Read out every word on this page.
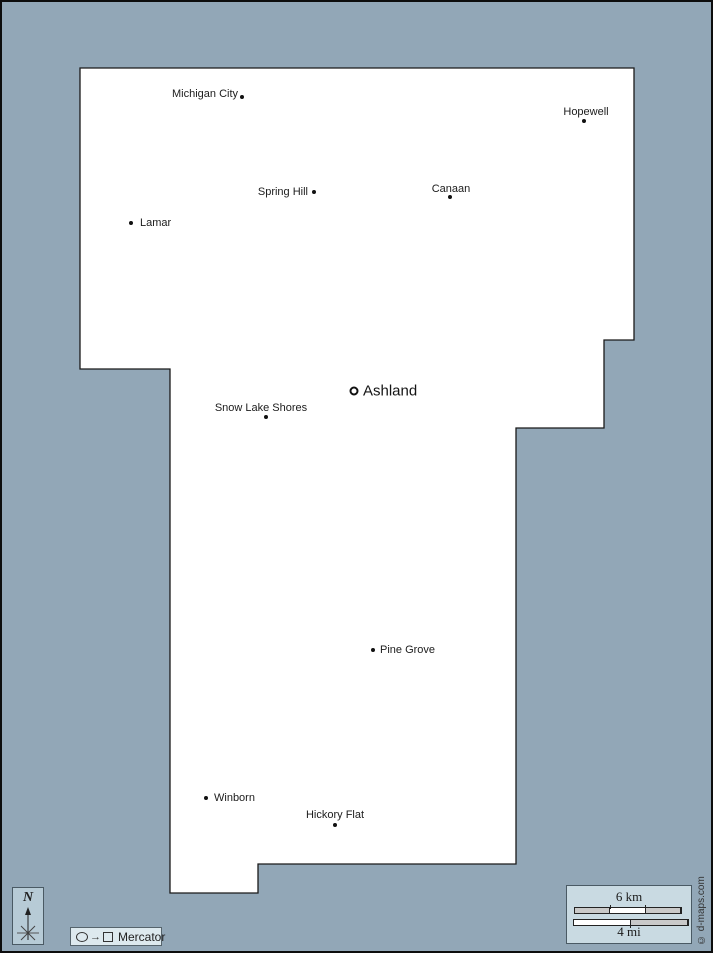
Michigan City
Hopewell
Spring Hill	Canaan
Lamar
Ashland
Snow Lake Shores
Pine Grove
Winborn
Hickory Flat
N
→ Mercator
6 km
4 mi	© d-maps.com
